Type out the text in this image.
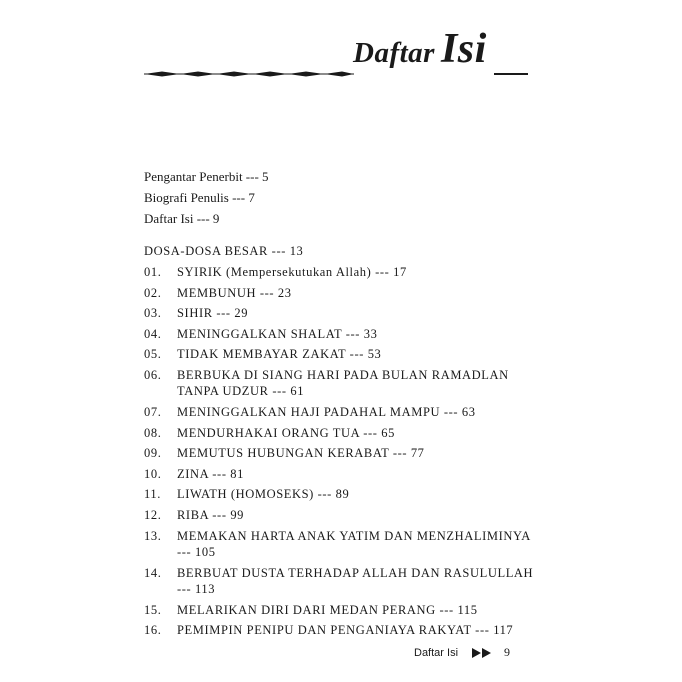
Daftar Isi
Pengantar Penerbit --- 5
Biografi Penulis --- 7
Daftar Isi --- 9
DOSA-DOSA BESAR --- 13
01.	SYIRIK (Mempersekutukan Allah) --- 17
02.	MEMBUNUH --- 23
03.	SIHIR --- 29
04.	MENINGGALKAN SHALAT --- 33
05.	TIDAK MEMBAYAR ZAKAT --- 53
06.	BERBUKA DI SIANG HARI PADA BULAN RAMADLAN
TANPA UDZUR --- 61
07.	MENINGGALKAN HAJI PADAHAL MAMPU --- 63
08.	MENDURHAKAI ORANG TUA --- 65
09.	MEMUTUS HUBUNGAN KERABAT --- 77
10.	ZINA --- 81
11.	LIWATH (HOMOSEKS) --- 89
12.	RIBA --- 99
13.	MEMAKAN HARTA ANAK YATIM DAN MENZHALIMINYA
--- 105
14.	BERBUAT DUSTA TERHADAP ALLAH DAN RASULULLAH
--- 113
15.	MELARIKAN DIRI DARI MEDAN PERANG --- 115
16.	PEMIMPIN PENIPU DAN PENGANIAYA RAKYAT --- 117
Daftar Isi	9
